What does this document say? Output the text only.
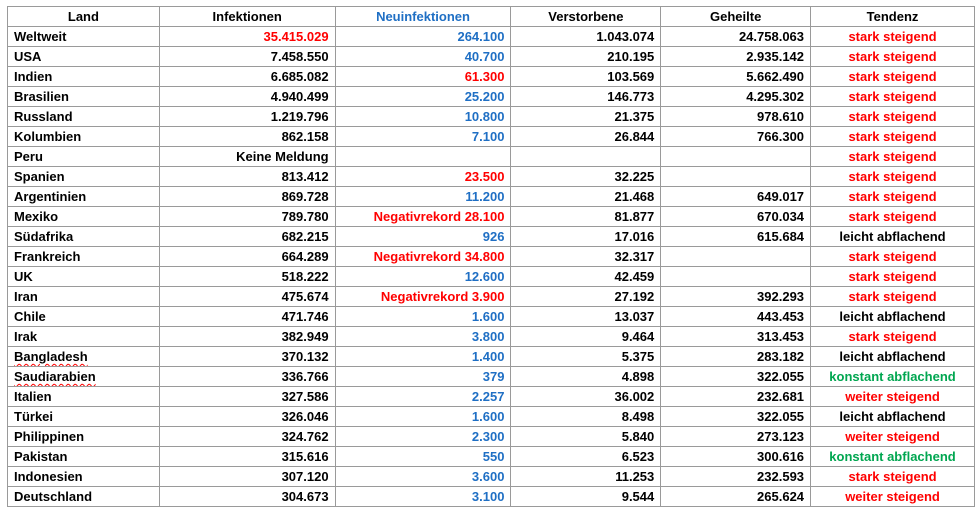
Land	Infektionen	Neuinfektionen	Verstorbene	Geheilte	Tendenz
Weltweit	35.415.029	264.100	1.043.074	24.758.063	stark steigend
USA	7.458.550	40.700	210.195	2.935.142	stark steigend
Indien	6.685.082	61.300	103.569	5.662.490	stark steigend
Brasilien	4.940.499	25.200	146.773	4.295.302	stark steigend
Russland	1.219.796	10.800	21.375	978.610	stark steigend
Kolumbien	862.158	7.100	26.844	766.300	stark steigend
Peru	Keine Meldung				stark steigend
Spanien	813.412	23.500	32.225		stark steigend
Argentinien	869.728	11.200	21.468	649.017	stark steigend
Mexiko	789.780	Negativrekord 28.100	81.877	670.034	stark steigend
Südafrika	682.215	926	17.016	615.684	leicht abflachend
Frankreich	664.289	Negativrekord 34.800	32.317		stark steigend
UK	518.222	12.600	42.459		stark steigend
Iran	475.674	Negativrekord 3.900	27.192	392.293	stark steigend
Chile	471.746	1.600	13.037	443.453	leicht abflachend
Irak	382.949	3.800	9.464	313.453	stark steigend
Bangladesh	370.132	1.400	5.375	283.182	leicht abflachend
Saudiarabien	336.766	379	4.898	322.055	konstant abflachend
Italien	327.586	2.257	36.002	232.681	weiter steigend
Türkei	326.046	1.600	8.498	322.055	leicht abflachend
Philippinen	324.762	2.300	5.840	273.123	weiter steigend
Pakistan	315.616	550	6.523	300.616	konstant abflachend
Indonesien	307.120	3.600	11.253	232.593	stark steigend
Deutschland	304.673	3.100	9.544	265.624	weiter steigend
